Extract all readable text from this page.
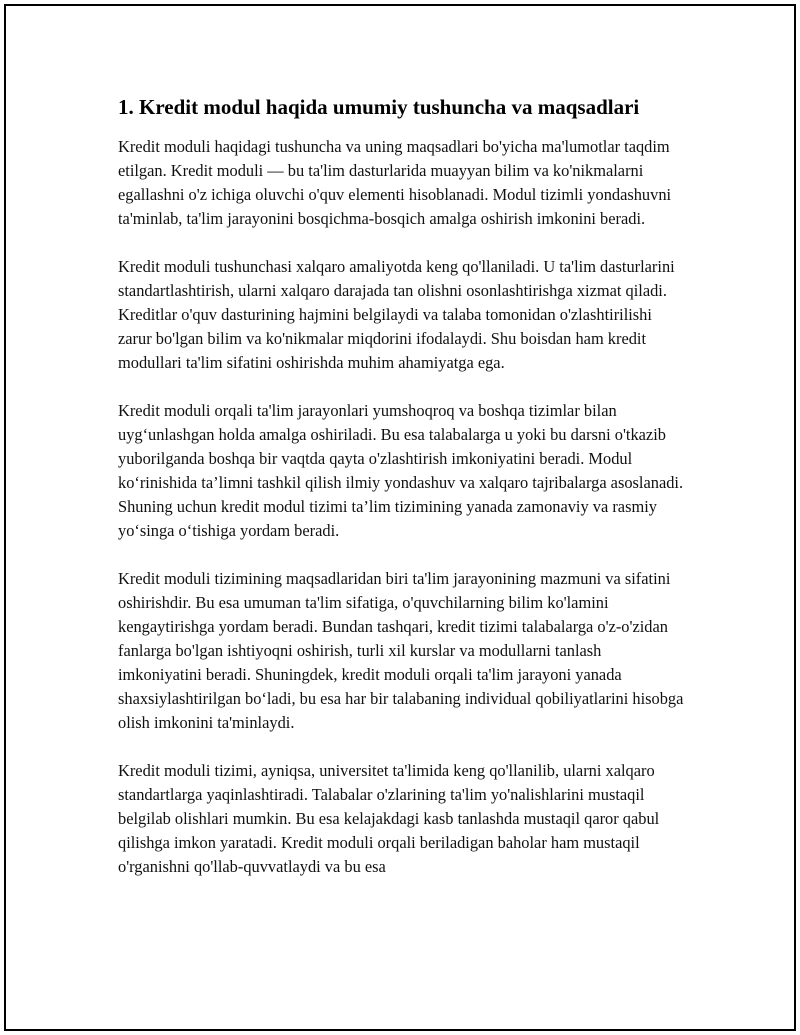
1. Kredit modul haqida umumiy tushuncha va maqsadlari

Kredit moduli haqidagi tushuncha va uning maqsadlari bo'yicha ma'lumotlar taqdim etilgan. Kredit moduli — bu ta'lim dasturlarida muayyan bilim va ko'nikmalarni egallashni o'z ichiga oluvchi o'quv elementi hisoblanadi. Modul tizimli yondashuvni ta'minlab, ta'lim jarayonini bosqichma-bosqich amalga oshirish imkonini beradi.

Kredit moduli tushunchasi xalqaro amaliyotda keng qo'llaniladi. U ta'lim dasturlarini standartlashtirish, ularni xalqaro darajada tan olishni osonlashtirishga xizmat qiladi. Kreditlar o'quv dasturining hajmini belgilaydi va talaba tomonidan o'zlashtirilishi zarur bo'lgan bilim va ko'nikmalar miqdorini ifodalaydi. Shu boisdan ham kredit modullari ta'lim sifatini oshirishda muhim ahamiyatga ega.

Kredit moduli orqali ta'lim jarayonlari yumshoqroq va boshqa tizimlar bilan uyg‘unlashgan holda amalga oshiriladi. Bu esa talabalarga u yoki bu darsni o'tkazib yuborilganda boshqa bir vaqtda qayta o'zlashtirish imkoniyatini beradi. Modul ko‘rinishida ta’limni tashkil qilish ilmiy yondashuv va xalqaro tajribalarga asoslanadi. Shuning uchun kredit modul tizimi ta’lim tizimining yanada zamonaviy va rasmiy yo‘singa o‘tishiga yordam beradi.

Kredit moduli tizimining maqsadlaridan biri ta'lim jarayonining mazmuni va sifatini oshirishdir. Bu esa umuman ta'lim sifatiga, o'quvchilarning bilim ko'lamini kengaytirishga yordam beradi. Bundan tashqari, kredit tizimi talabalarga o'z-o'zidan fanlarga bo'lgan ishtiyoqni oshirish, turli xil kurslar va modullarni tanlash imkoniyatini beradi. Shuningdek, kredit moduli orqali ta'lim jarayoni yanada shaxsiylashtirilgan bo‘ladi, bu esa har bir talabaning individual qobiliyatlarini hisobga olish imkonini ta'minlaydi.

Kredit moduli tizimi, ayniqsa, universitet ta'limida keng qo'llanilib, ularni xalqaro standartlarga yaqinlashtiradi. Talabalar o'zlarining ta'lim yo'nalishlarini mustaqil belgilab olishlari mumkin. Bu esa kelajakdagi kasb tanlashda mustaqil qaror qabul qilishga imkon yaratadi. Kredit moduli orqali beriladigan baholar ham mustaqil o'rganishni qo'llab-quvvatlaydi va bu esa
